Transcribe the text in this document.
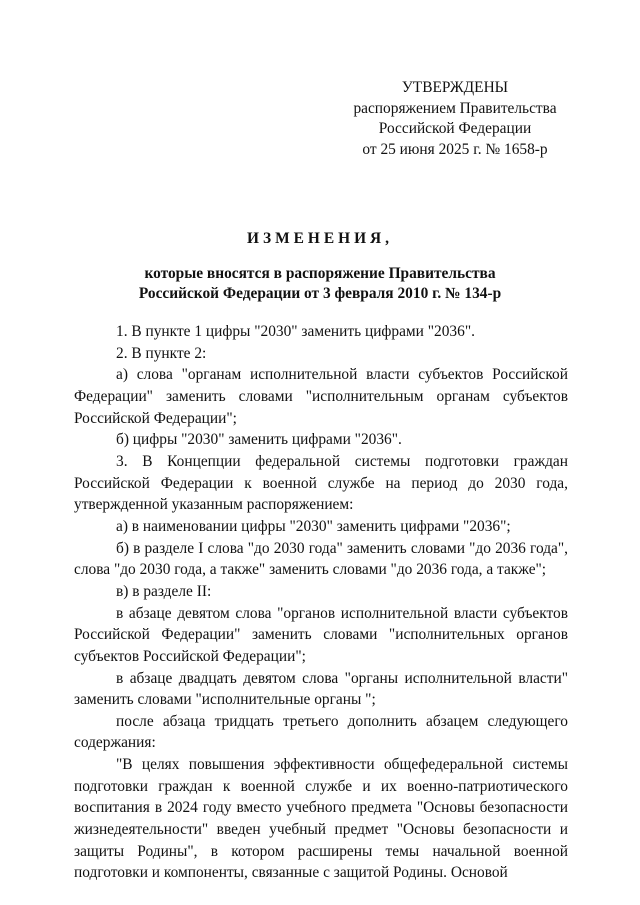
УТВЕРЖДЕНЫ
распоряжением Правительства
Российской Федерации
от 25 июня 2025 г. № 1658-р
ИЗМЕНЕНИЯ,
которые вносятся в распоряжение Правительства
Российской Федерации от 3 февраля 2010 г. № 134-р

1. В пункте 1 цифры "2030" заменить цифрами "2036".

2. В пункте 2:

а) слова "органам исполнительной власти субъектов Российской Федерации" заменить словами "исполнительным органам субъектов Российской Федерации";

б) цифры "2030" заменить цифрами "2036".

3. В Концепции федеральной системы подготовки граждан Российской Федерации к военной службе на период до 2030 года, утвержденной указанным распоряжением:

а) в наименовании цифры "2030" заменить цифрами "2036";

б) в разделе I слова "до 2030 года" заменить словами "до 2036 года", слова "до 2030 года, а также" заменить словами "до 2036 года, а также";

в) в разделе II:

в абзаце девятом слова "органов исполнительной власти субъектов Российской Федерации" заменить словами "исполнительных органов субъектов Российской Федерации";

в абзаце двадцать девятом слова "органы исполнительной власти" заменить словами "исполнительные органы ";

после абзаца тридцать третьего дополнить абзацем следующего содержания:

"В целях повышения эффективности общефедеральной системы подготовки граждан к военной службе и их военно-патриотического воспитания в 2024 году вместо учебного предмета "Основы безопасности жизнедеятельности" введен учебный предмет "Основы безопасности и защиты Родины", в котором расширены темы начальной военной подготовки и компоненты, связанные с защитой Родины. Основой
